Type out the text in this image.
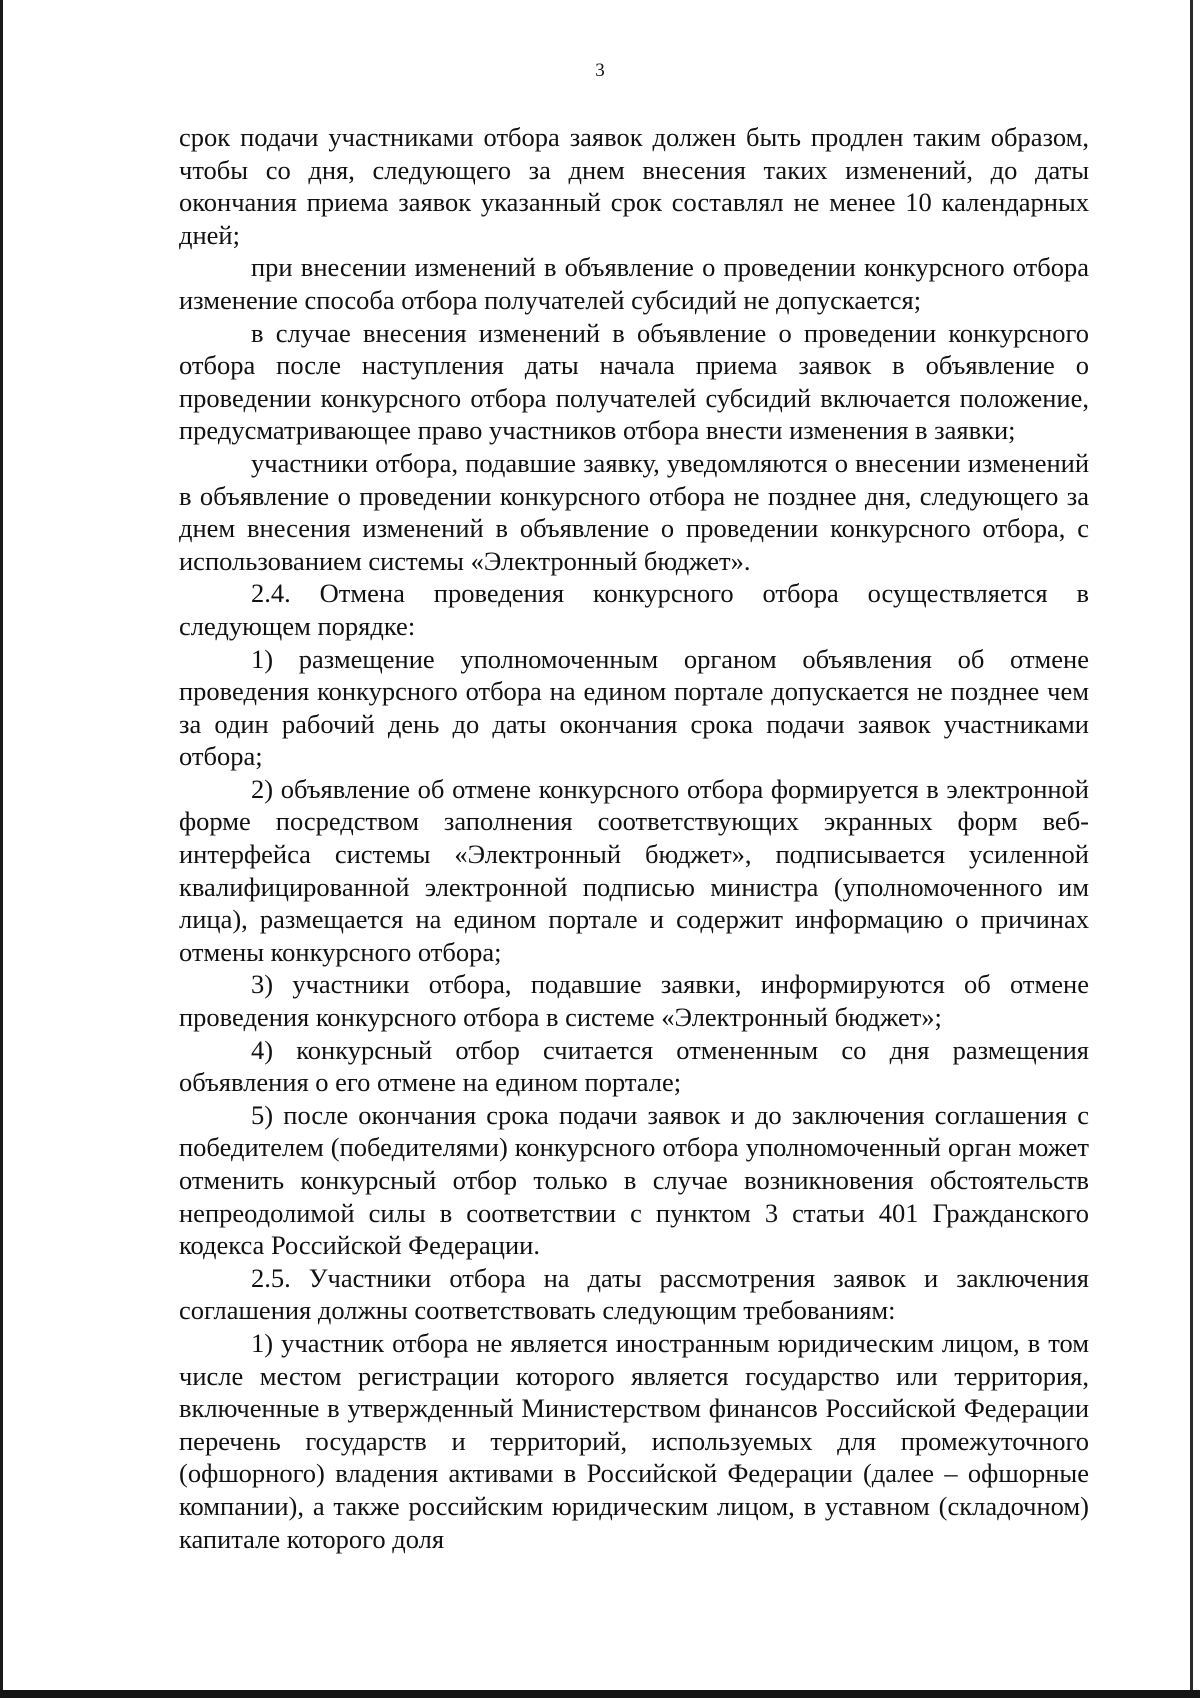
3

срок подачи участниками отбора заявок должен быть продлен таким образом, чтобы со дня, следующего за днем внесения таких изменений, до даты окончания приема заявок указанный срок составлял не менее 10 календарных дней;

при внесении изменений в объявление о проведении конкурсного отбора изменение способа отбора получателей субсидий не допускается;

в случае внесения изменений в объявление о проведении конкурсного отбора после наступления даты начала приема заявок в объявление о проведении конкурсного отбора получателей субсидий включается положение, предусматривающее право участников отбора внести изменения в заявки;

участники отбора, подавшие заявку, уведомляются о внесении изменений в объявление о проведении конкурсного отбора не позднее дня, следующего за днем внесения изменений в объявление о проведении конкурсного отбора, с использованием системы «Электронный бюджет».

2.4. Отмена проведения конкурсного отбора осуществляется в следующем порядке:

1) размещение уполномоченным органом объявления об отмене проведения конкурсного отбора на едином портале допускается не позднее чем за один рабочий день до даты окончания срока подачи заявок участниками отбора;

2) объявление об отмене конкурсного отбора формируется в электронной форме посредством заполнения соответствующих экранных форм веб-интерфейса системы «Электронный бюджет», подписывается усиленной квалифицированной электронной подписью министра (уполномоченного им лица), размещается на едином портале и содержит информацию о причинах отмены конкурсного отбора;

3) участники отбора, подавшие заявки, информируются об отмене проведения конкурсного отбора в системе «Электронный бюджет»;

4) конкурсный отбор считается отмененным со дня размещения объявления о его отмене на едином портале;

5) после окончания срока подачи заявок и до заключения соглашения с победителем (победителями) конкурсного отбора уполномоченный орган может отменить конкурсный отбор только в случае возникновения обстоятельств непреодолимой силы в соответствии с пунктом 3 статьи 401 Гражданского кодекса Российской Федерации.

2.5. Участники отбора на даты рассмотрения заявок и заключения соглашения должны соответствовать следующим требованиям:

1) участник отбора не является иностранным юридическим лицом, в том числе местом регистрации которого является государство или территория, включенные в утвержденный Министерством финансов Российской Федерации перечень государств и территорий, используемых для промежуточного (офшорного) владения активами в Российской Федерации (далее – офшорные компании), а также российским юридическим лицом, в уставном (складочном) капитале которого доля
